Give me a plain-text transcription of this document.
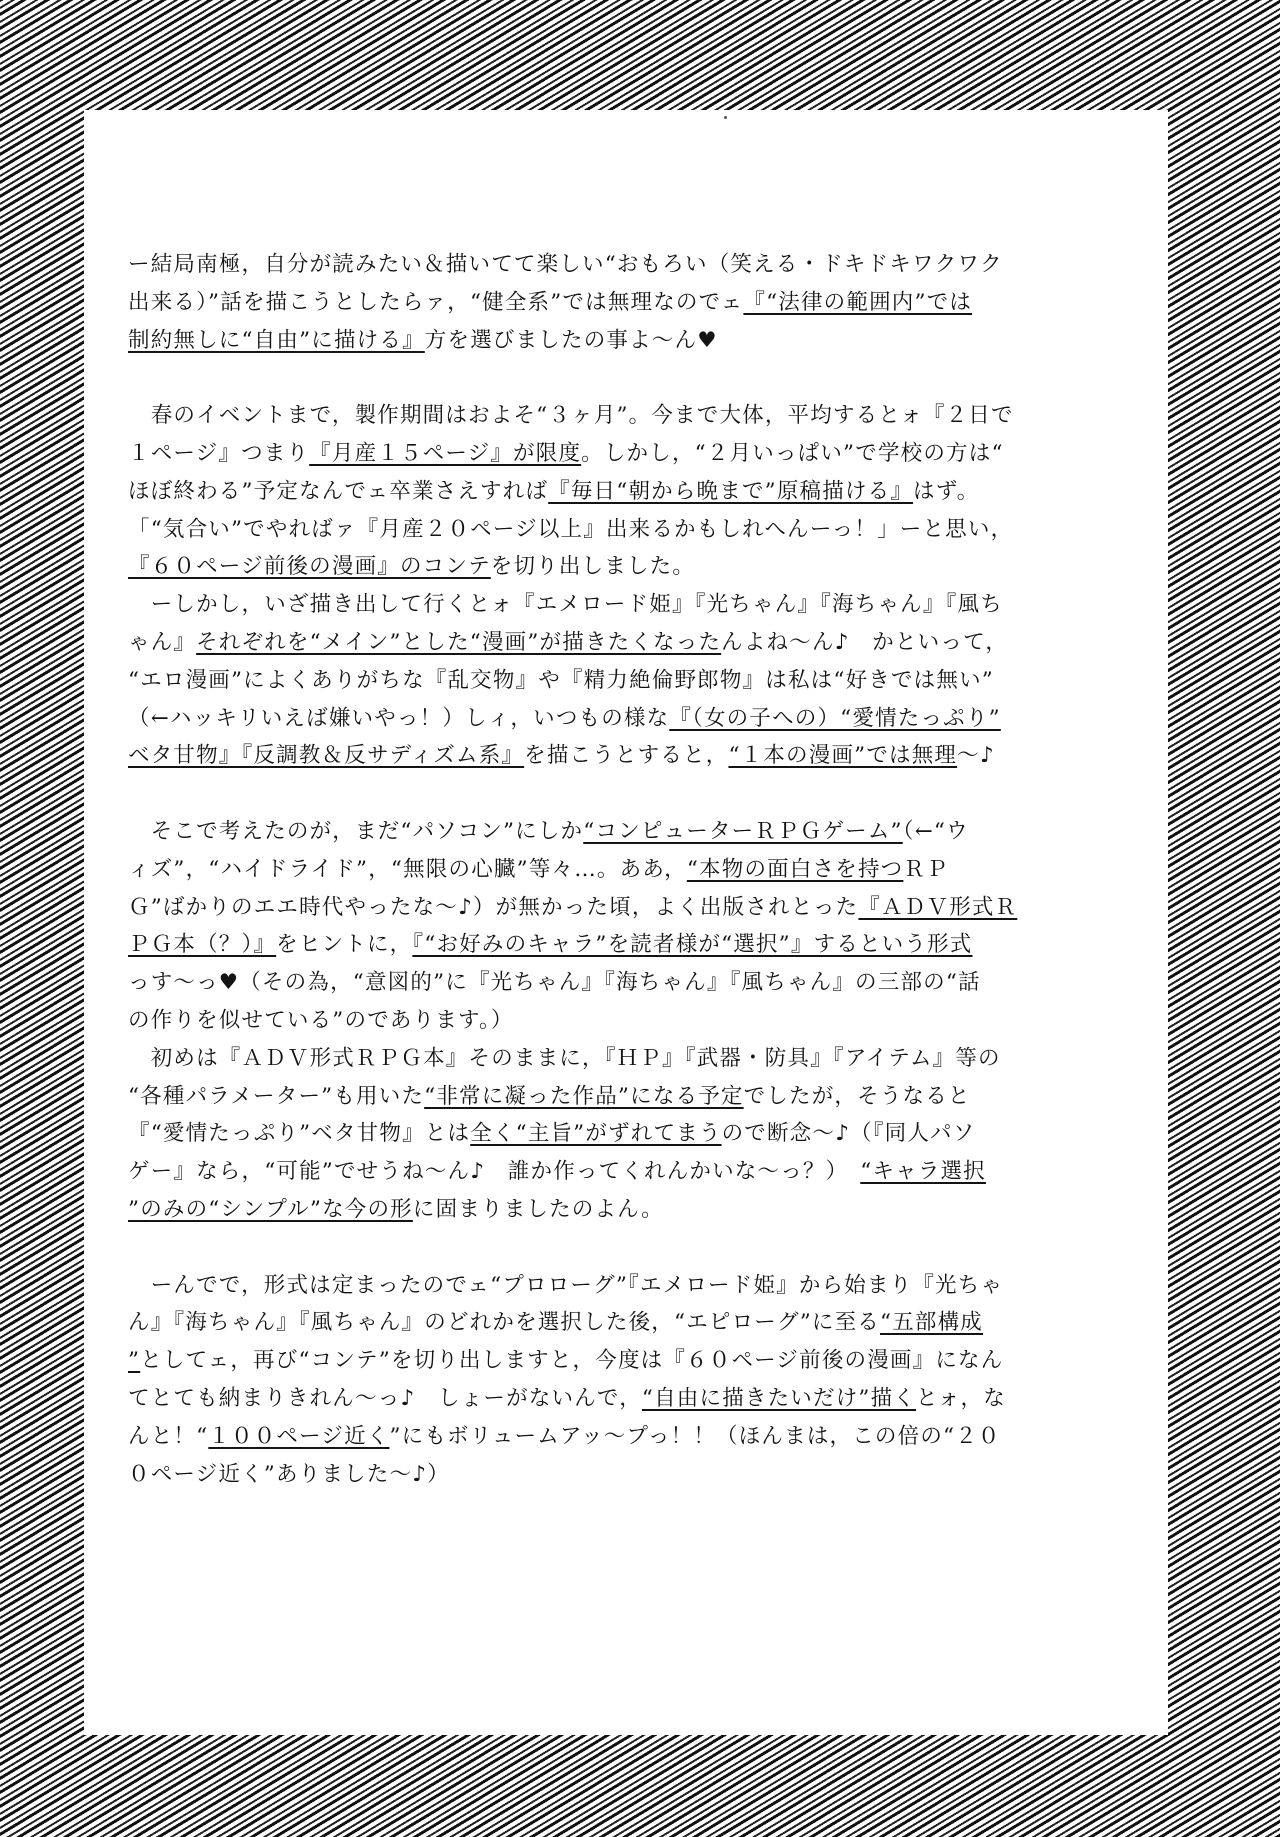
ー結局南極，自分が読みたい＆描いてて楽しい“おもろい（笑える・ドキドキワクワク
出来る）”話を描こうとしたらァ，“健全系”では無理なのでェ『“法律の範囲内”では
制約無しに“自由”に描ける』方を選びましたの事よ～ん♥
　春のイベントまで，製作期間はおよそ“３ヶ月”。今まで大体，平均するとォ『２日で
１ページ』つまり『月産１５ページ』が限度。しかし，“２月いっぱい”で学校の方は“
ほぼ終わる”予定なんでェ卒業さえすれば『毎日“朝から晩まで”原稿描ける』はず。
「“気合い”でやればァ『月産２０ページ以上』出来るかもしれへんーっ！」ーと思い，
『６０ページ前後の漫画』のコンテを切り出しました。
　ーしかし，いざ描き出して行くとォ『エメロード姫』『光ちゃん』『海ちゃん』『風ち
ゃん』それぞれを“メイン”とした“漫画”が描きたくなったんよね～ん♪　かといって，
“エロ漫画”によくありがちな『乱交物』や『精力絶倫野郎物』は私は“好きでは無い”
（←ハッキリいえば嫌いやっ！）しィ，いつもの様な『（女の子への）“愛情たっぷり”
ベタ甘物』『反調教＆反サディズム系』を描こうとすると，“１本の漫画”では無理～♪
　そこで考えたのが，まだ“パソコン”にしか“コンピューターＲＰＧゲーム”（←“ウ
ィズ”，“ハイドライド”，“無限の心臓”等々…。ああ，“本物の面白さを持つＲＰ
Ｇ”ばかりのエエ時代やったな～♪）が無かった頃，よく出版されとった『ＡＤＶ形式Ｒ
ＰＧ本（？）』をヒントに，『“お好みのキャラ”を読者様が“選択”』するという形式
っす～っ♥（その為，“意図的”に『光ちゃん』『海ちゃん』『風ちゃん』の三部の“話
の作りを似せている”のであります。）
　初めは『ＡＤＶ形式ＲＰＧ本』そのままに，『ＨＰ』『武器・防具』『アイテム』等の
“各種パラメーター”も用いた“非常に凝った作品”になる予定でしたが，そうなると
『“愛情たっぷり”ベタ甘物』とは全く“主旨”がずれてまうので断念～♪（『同人パソ
ゲー』なら，“可能”でせうね～ん♪　誰か作ってくれんかいな～っ？）　“キャラ選択
”のみの“シンプル”な今の形に固まりましたのよん。
　ーんでで，形式は定まったのでェ“プロローグ”『エメロード姫』から始まり『光ちゃ
ん』『海ちゃん』『風ちゃん』のどれかを選択した後，“エピローグ”に至る“五部構成
”としてェ，再び“コンテ”を切り出しますと，今度は『６０ページ前後の漫画』になん
てとても納まりきれん～っ♪　しょーがないんで，“自由に描きたいだけ”描くとォ，な
んと！“１００ページ近く”にもボリュームアッ～プっ！！（ほんまは，この倍の“２０
０ページ近く”ありました～♪）
